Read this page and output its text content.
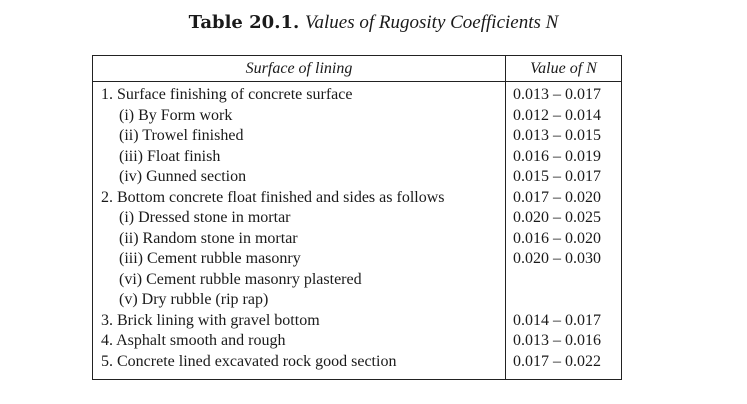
Table 20.1. Values of Rugosity Coefficients N
Surface of lining	Value of N
1. Surface finishing of concrete surface	0.013 – 0.017
(i) By Form work	0.012 – 0.014
(ii) Trowel finished	0.013 – 0.015
(iii) Float finish	0.016 – 0.019
(iv) Gunned section	0.015 – 0.017
2. Bottom concrete float finished and sides as follows	0.017 – 0.020
(i) Dressed stone in mortar	0.020 – 0.025
(ii) Random stone in mortar	0.016 – 0.020
(iii) Cement rubble masonry	0.020 – 0.030
(vi) Cement rubble masonry plastered
(v) Dry rubble (rip rap)
3. Brick lining with gravel bottom	0.014 – 0.017
4. Asphalt smooth and rough	0.013 – 0.016
5. Concrete lined excavated rock good section	0.017 – 0.022
